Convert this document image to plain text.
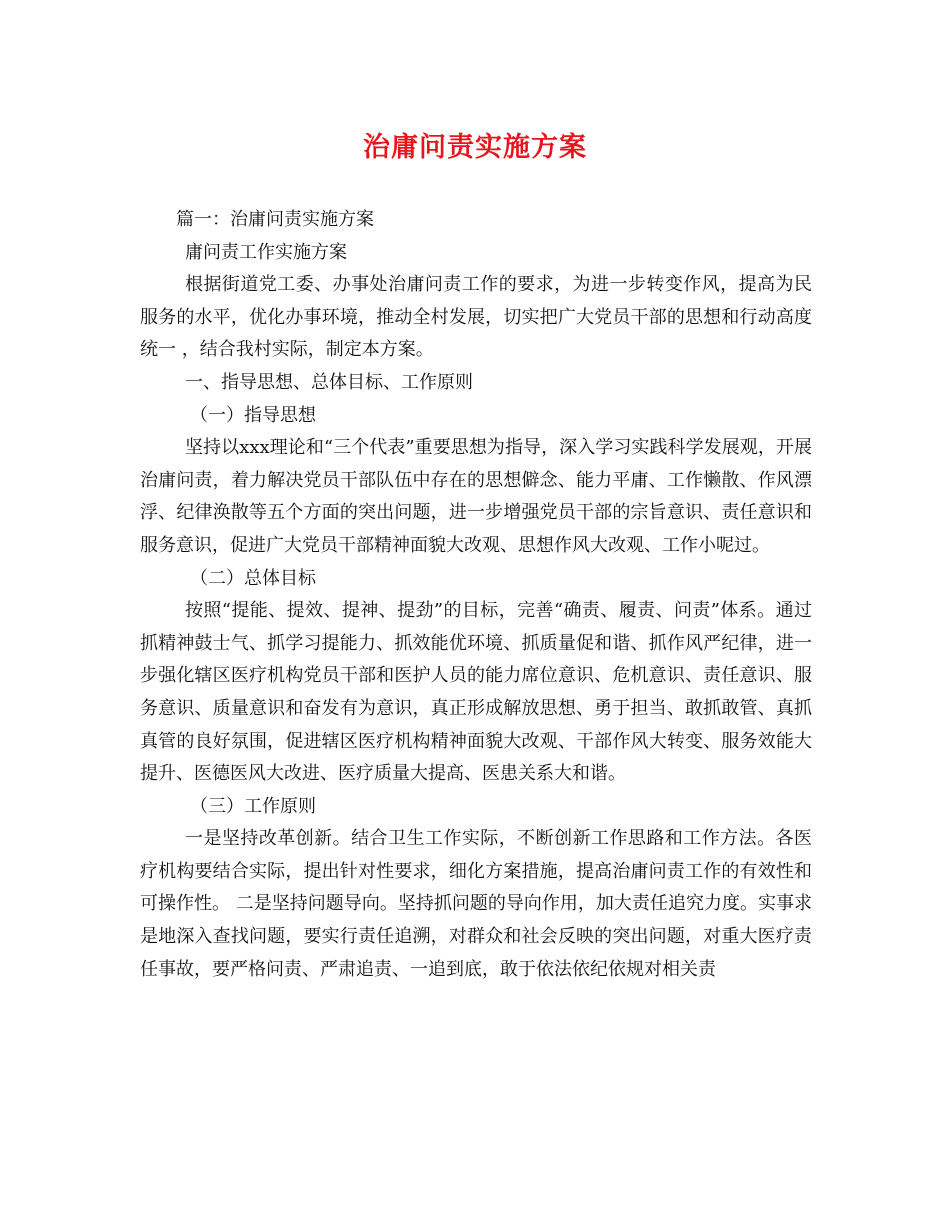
治庸问责实施方案

篇一：治庸问责实施方案

庸问责工作实施方案

根据街道党工委、办事处治庸问责工作的要求，为进一步转变作风，提高为民服务的水平，优化办事环境，推动全村发展，切实把广大党员干部的思想和行动高度统一 ，结合我村实际，制定本方案。

一、指导思想、总体目标、工作原则

（一）指导思想

坚持以xxx理论和“三个代表”重要思想为指导，深入学习实践科学发展观，开展治庸问责，着力解决党员干部队伍中存在的思想僻念、能力平庸、工作懒散、作风漂浮、纪律涣散等五个方面的突出问题，进一步增强党员干部的宗旨意识、责任意识和服务意识，促进广大党员干部精神面貌大改观、思想作风大改观、工作小呢过。

（二）总体目标

按照“提能、提效、提神、提劲”的目标，完善“确责、履责、问责”体系。通过抓精神鼓士气、抓学习提能力、抓效能优环境、抓质量促和谐、抓作风严纪律，进一步强化辖区医疗机构党员干部和医护人员的能力席位意识、危机意识、责任意识、服务意识、质量意识和奋发有为意识，真正形成解放思想、勇于担当、敢抓敢管、真抓真管的良好氛围，促进辖区医疗机构精神面貌大改观、干部作风大转变、服务效能大提升、医德医风大改进、医疗质量大提高、医患关系大和谐。

（三）工作原则

一是坚持改革创新。结合卫生工作实际，不断创新工作思路和工作方法。各医疗机构要结合实际，提出针对性要求，细化方案措施，提高治庸问责工作的有效性和可操作性。 二是坚持问题导向。坚持抓问题的导向作用，加大责任追究力度。实事求是地深入查找问题，要实行责任追溯，对群众和社会反映的突出问题，对重大医疗责任事故，要严格问责、严肃追责、一追到底，敢于依法依纪依规对相关责
